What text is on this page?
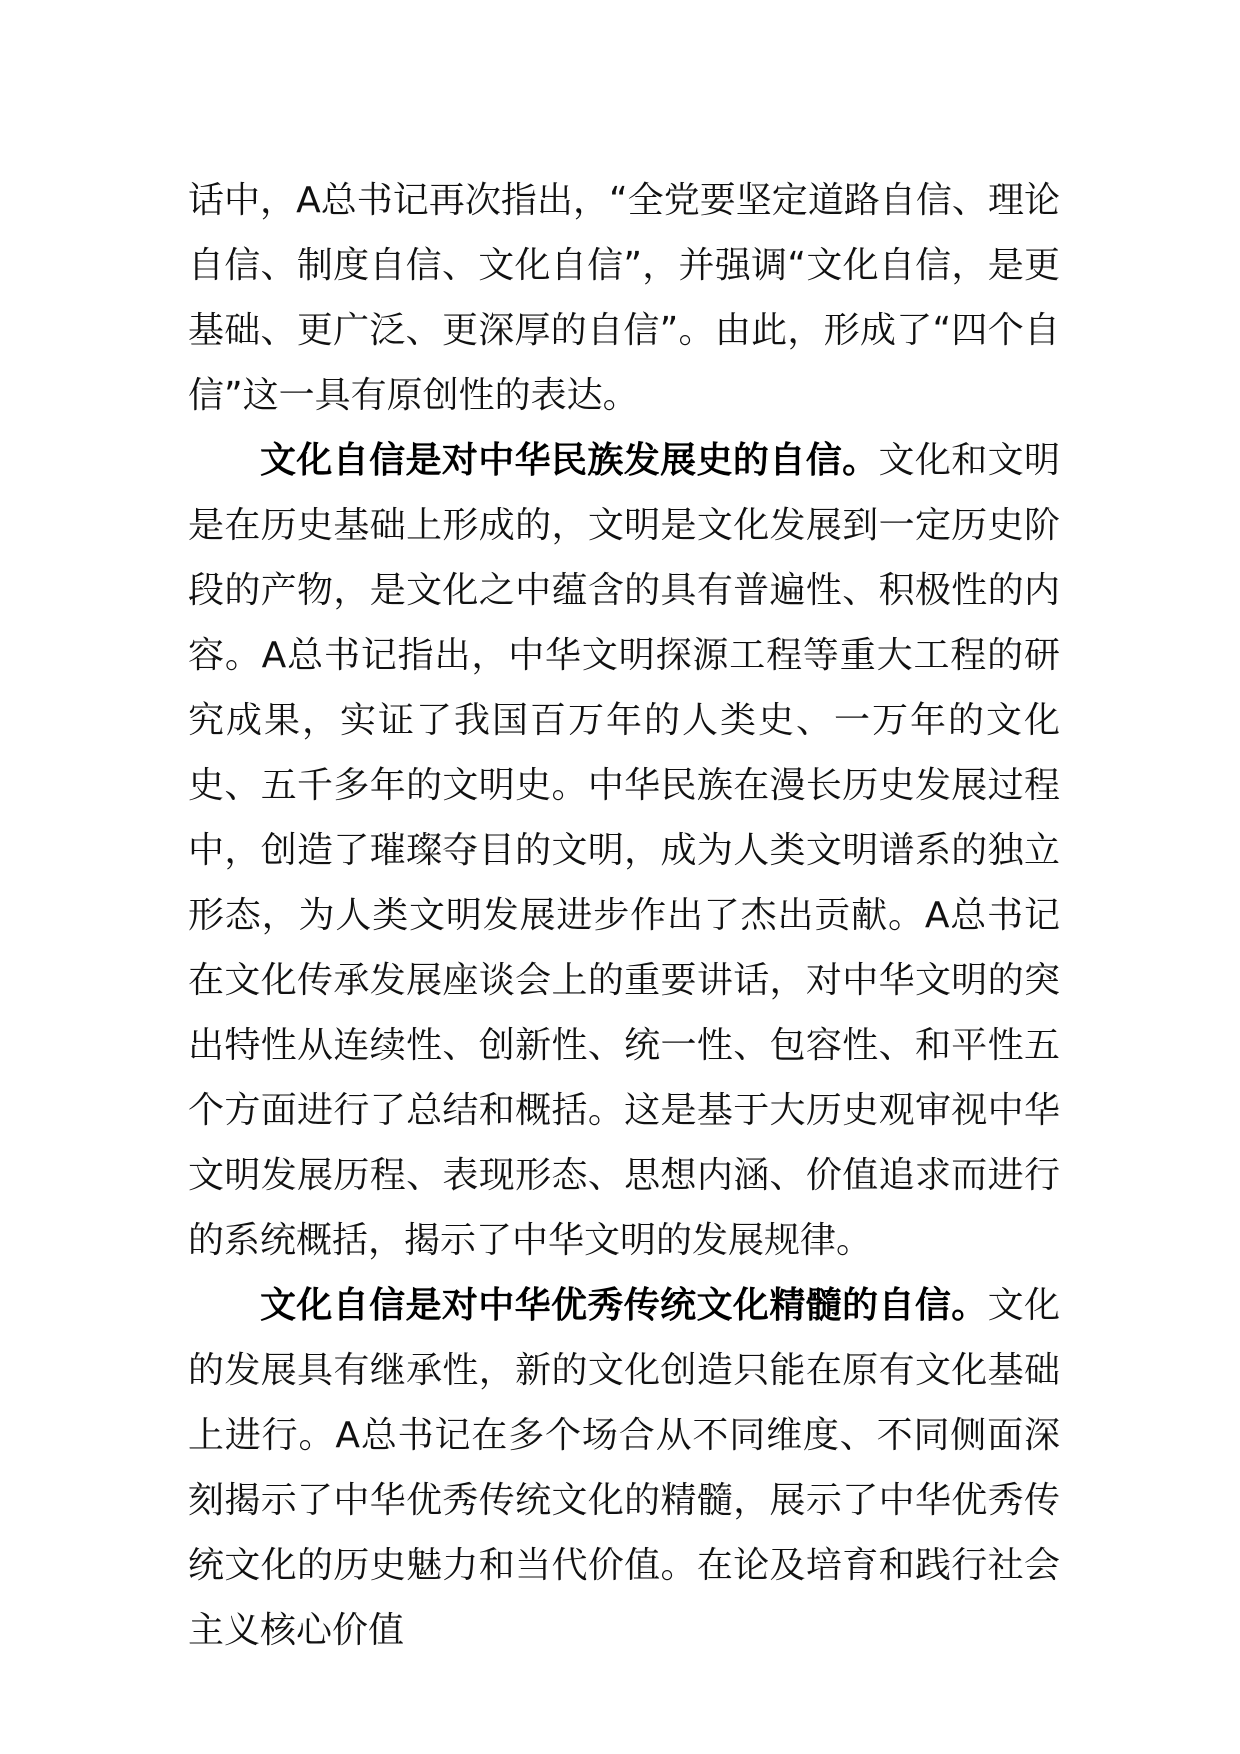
话中，A总书记再次指出，“全党要坚定道路自信、理论自信、制度自信、文化自信”，并强调“文化自信，是更基础、更广泛、更深厚的自信”。由此，形成了“四个自信”这一具有原创性的表达。

文化自信是对中华民族发展史的自信。文化和文明是在历史基础上形成的，文明是文化发展到一定历史阶段的产物，是文化之中蕴含的具有普遍性、积极性的内容。A总书记指出，中华文明探源工程等重大工程的研究成果，实证了我国百万年的人类史、一万年的文化史、五千多年的文明史。中华民族在漫长历史发展过程中，创造了璀璨夺目的文明，成为人类文明谱系的独立形态，为人类文明发展进步作出了杰出贡献。A总书记在文化传承发展座谈会上的重要讲话，对中华文明的突出特性从连续性、创新性、统一性、包容性、和平性五个方面进行了总结和概括。这是基于大历史观审视中华文明发展历程、表现形态、思想内涵、价值追求而进行的系统概括，揭示了中华文明的发展规律。

文化自信是对中华优秀传统文化精髓的自信。文化的发展具有继承性，新的文化创造只能在原有文化基础上进行。A总书记在多个场合从不同维度、不同侧面深刻揭示了中华优秀传统文化的精髓，展示了中华优秀传统文化的历史魅力和当代价值。在论及培育和践行社会主义核心价值
